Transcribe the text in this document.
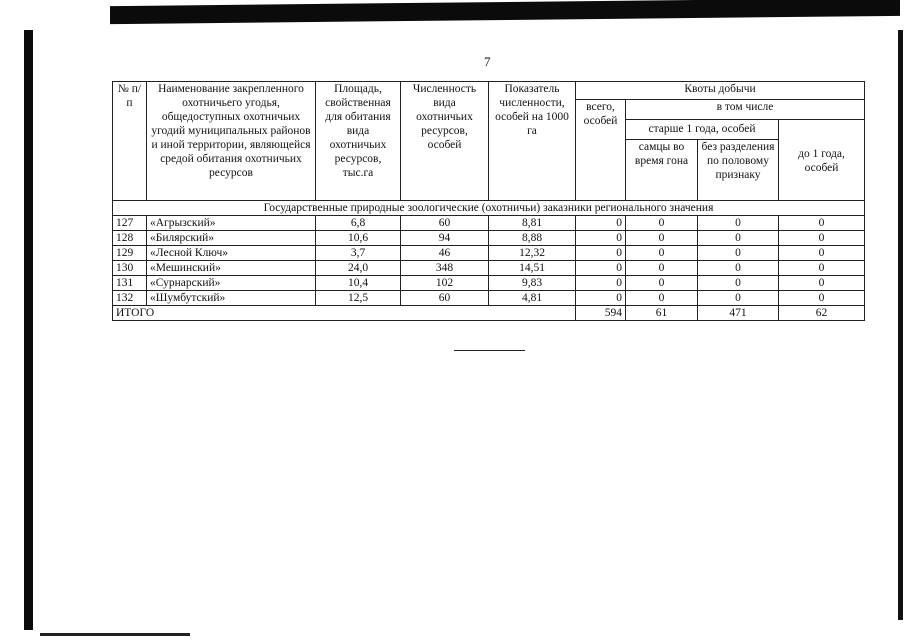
7
№ п/п	Наименование закрепленного охотничьего угодья, общедоступных охотничьих угодий муниципальных районов и иной территории, являющейся средой обитания охотничьих ресурсов	Площадь, свойственная для обитания вида охотничьих ресурсов, тыс.га	Численность вида охотничьих ресурсов, особей	Показатель численности, особей на 1000 га	Квоты добычи			
					всего, особей	в том числе		
						старше 1 года, особей		до 1 года, особей
						самцы во время гона	без разделения по половому признаку	
Государственные природные зоологические (охотничьи) заказники регионального значения								
127	«Агрызский»	6,8	60	8,81	0	0	0	0
128	«Билярский»	10,6	94	8,88	0	0	0	0
129	«Лесной Ключ»	3,7	46	12,32	0	0	0	0
130	«Мешинский»	24,0	348	14,51	0	0	0	0
131	«Сурнарский»	10,4	102	9,83	0	0	0	0
132	«Шумбутский»	12,5	60	4,81	0	0	0	0
ИТОГО					594	61	471	62
